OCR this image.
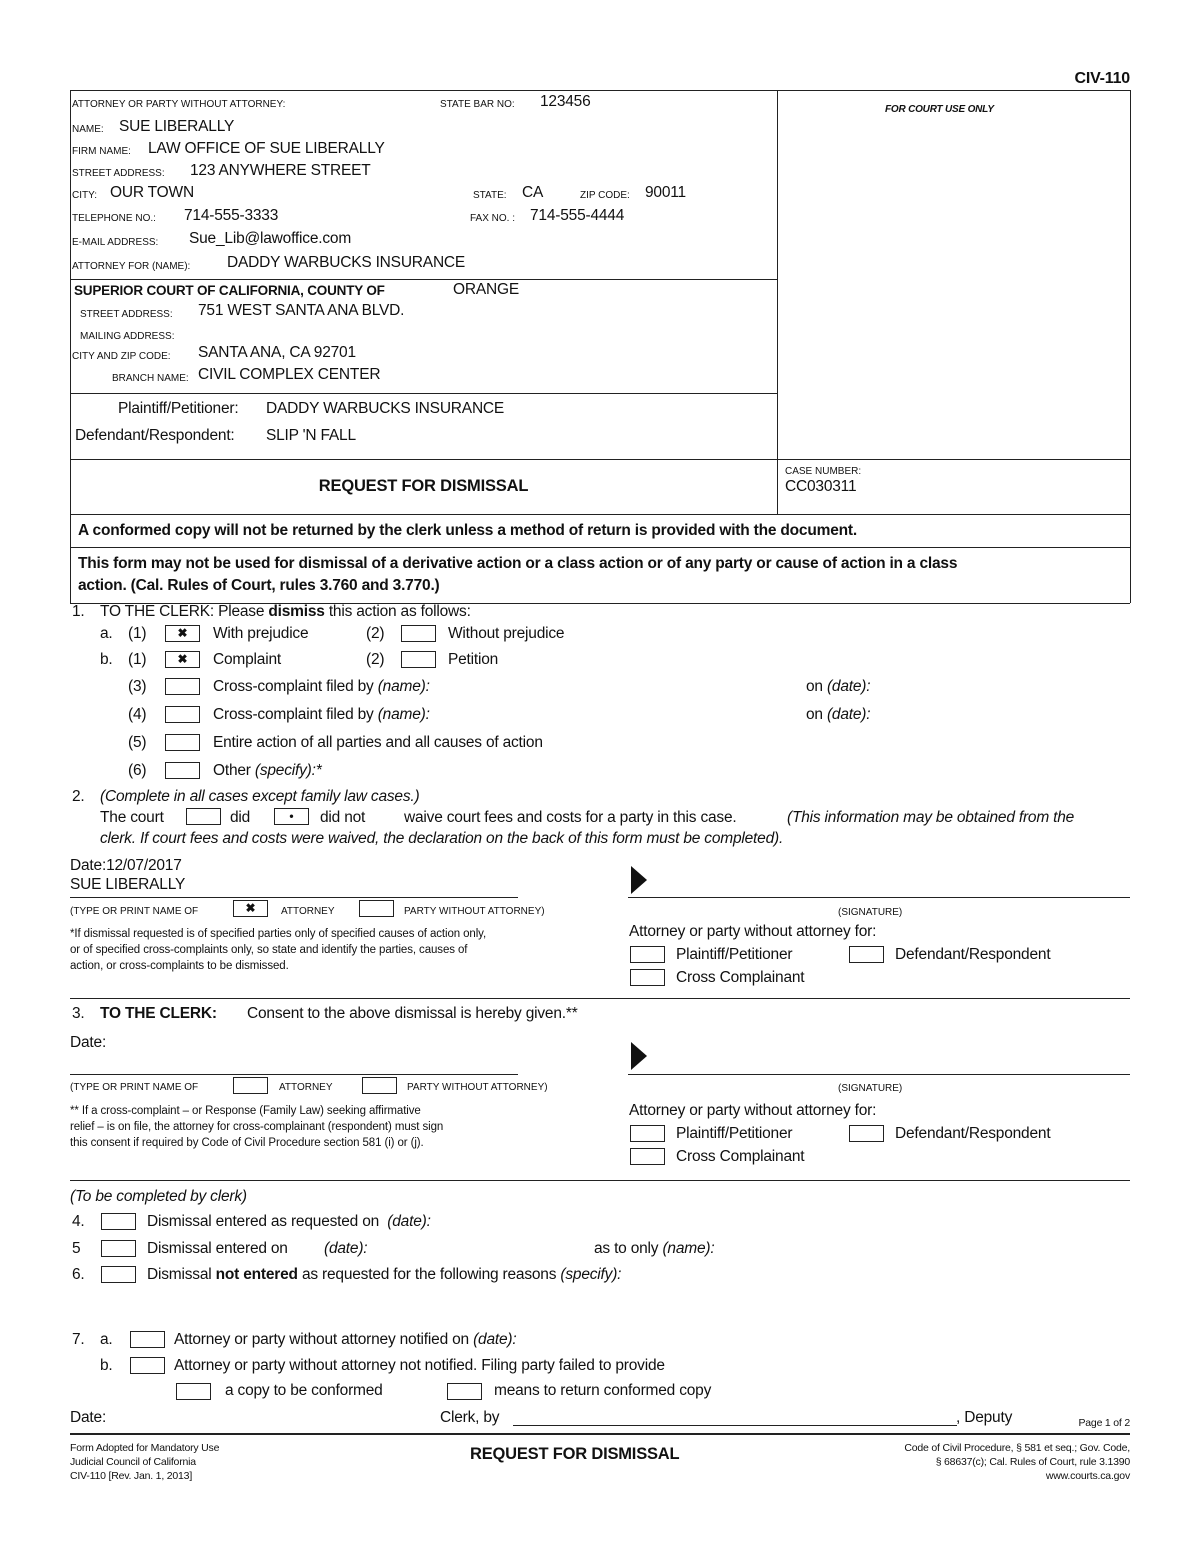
CIV-110
ATTORNEY OR PARTY WITHOUT ATTORNEY:	STATE BAR NO: 123456
NAME: SUE LIBERALLY
FIRM NAME: LAW OFFICE OF SUE LIBERALLY
STREET ADDRESS: 123 ANYWHERE STREET
CITY: OUR TOWN	STATE: CA	ZIP CODE: 90011
TELEPHONE NO.: 714-555-3333	FAX NO. : 714-555-4444
E-MAIL ADDRESS: Sue_Lib@lawoffice.com
ATTORNEY FOR (NAME): DADDY WARBUCKS INSURANCE
FOR COURT USE ONLY
SUPERIOR COURT OF CALIFORNIA, COUNTY OF	ORANGE
STREET ADDRESS: 751 WEST SANTA ANA BLVD.
MAILING ADDRESS:
CITY AND ZIP CODE: SANTA ANA, CA 92701
BRANCH NAME: CIVIL COMPLEX CENTER
Plaintiff/Petitioner: DADDY WARBUCKS INSURANCE
Defendant/Respondent: SLIP 'N FALL
REQUEST FOR DISMISSAL
CASE NUMBER:
CC030311
A conformed copy will not be returned by the clerk unless a method of return is provided with the document.
This form may not be used for dismissal of a derivative action or a class action or of any party or cause of action in a class
action. (Cal. Rules of Court, rules 3.760 and 3.770.)
1. TO THE CLERK: Please dismiss this action as follows:
a. (1)	✖	With prejudice	(2)	Without prejudice
b. (1)	✖	Complaint	(2)	Petition
(3)	Cross-complaint filed by (name):	on (date):
(4)	Cross-complaint filed by (name):	on (date):
(5)	Entire action of all parties and all causes of action
(6)	Other (specify):*
2. (Complete in all cases except family law cases.)
The court	did	•	did not	waive court fees and costs for a party in this case.	(This information may be obtained from the
clerk. If court fees and costs were waived, the declaration on the back of this form must be completed).
Date:12/07/2017
SUE LIBERALLY
(TYPE OR PRINT NAME OF	✖	ATTORNEY	PARTY WITHOUT ATTORNEY)	(SIGNATURE)
*If dismissal requested is of specified parties only of specified causes of action only,
or of specified cross-complaints only, so state and identify the parties, causes of
action, or cross-complaints to be dismissed.
Attorney or party without attorney for:
Plaintiff/Petitioner	Defendant/Respondent
Cross Complainant
3. TO THE CLERK: Consent to the above dismissal is hereby given.**
Date:
(TYPE OR PRINT NAME OF	ATTORNEY	PARTY WITHOUT ATTORNEY)	(SIGNATURE)
** If a cross-complaint – or Response (Family Law) seeking affirmative
relief – is on file, the attorney for cross-complainant (respondent) must sign
this consent if required by Code of Civil Procedure section 581 (i) or (j).
Attorney or party without attorney for:
Plaintiff/Petitioner	Defendant/Respondent
Cross Complainant
(To be completed by clerk)
4.	Dismissal entered as requested on (date):
5	Dismissal entered on (date):	as to only (name):
6.	Dismissal not entered as requested for the following reasons (specify):
7. a.	Attorney or party without attorney notified on (date):
b.	Attorney or party without attorney not notified. Filing party failed to provide
a copy to be conformed	means to return conformed copy
Date:	Clerk, by	, Deputy	Page 1 of 2
Form Adopted for Mandatory Use
Judicial Council of California
CIV-110 [Rev. Jan. 1, 2013]
REQUEST FOR DISMISSAL	Code of Civil Procedure, § 581 et seq.; Gov. Code,
§ 68637(c); Cal. Rules of Court, rule 3.1390
www.courts.ca.gov
